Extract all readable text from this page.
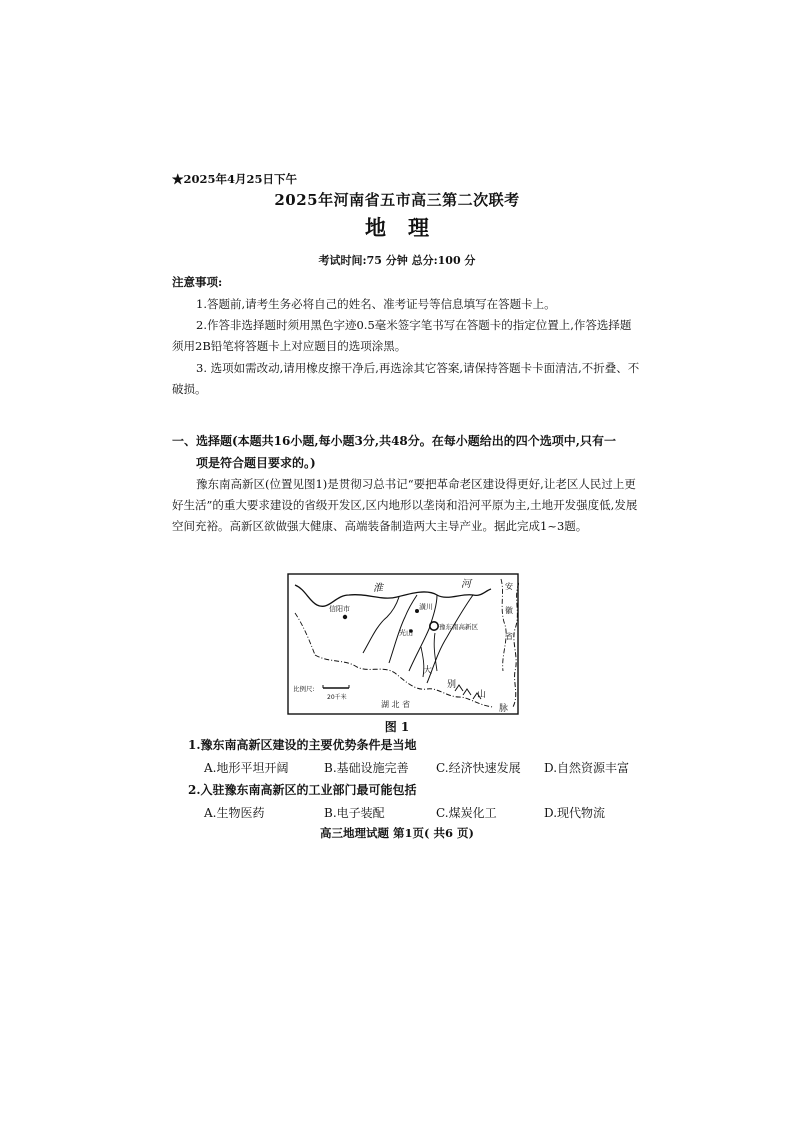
★2025年4月25日下午
2025年河南省五市高三第二次联考
地理
考试时间:75 分钟 总分:100 分
注意事项:
1.答题前,请考生务必将自己的姓名、准考证号等信息填写在答题卡上。
2.作答非选择题时须用黑色字迹0.5毫米签字笔书写在答题卡的指定位置上,作答选择题须用2B铅笔将答题卡上对应题目的选项涂黑。
3. 选项如需改动,请用橡皮擦干净后,再选涂其它答案,请保持答题卡卡面清洁,不折叠、不破损。
一、选择题(本题共16小题,每小题3分,共48分。在每小题给出的四个选项中,只有一
项是符合题目要求的。)
豫东南高新区(位置见图1)是贯彻习总书记“要把革命老区建设得更好,让老区人民过上更好生活”的重大要求建设的省级开发区,区内地形以垄岗和沿河平原为主,土地开发强度低,发展空间充裕。高新区欲做强大健康、高端装备制造两大主导产业。据此完成1~3题。
淮	河
信阳市	潢川
光山
豫东南高新区
安
徽
省
大
别
山
脉
湖 北 省
比例尺:
20千米
图 1
1.豫东南高新区建设的主要优势条件是当地
A.地形平坦开阔	B.基础设施完善	C.经济快速发展	D.自然资源丰富
2.入驻豫东南高新区的工业部门最可能包括
A.生物医药	B.电子装配	C.煤炭化工	D.现代物流
高三地理试题 第1页( 共6 页)
